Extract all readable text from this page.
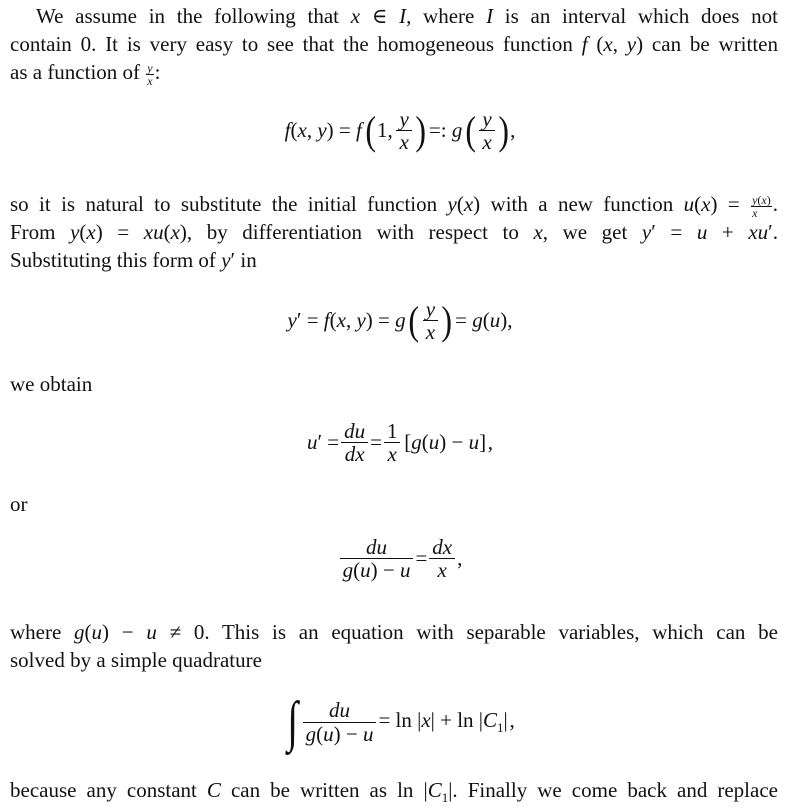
We assume in the following that x ∈ I, where I is an interval which does not
contain 0. It is very easy to see that the homogeneous function f (x, y) can be written
as a function of $\frac{y}{x}$ :
f(x, y) = f (1,  $\frac{y}{x}$ ) =: g ( $\frac{y}{x}$ ),
so it is natural to substitute the initial function y(x) with a new function $u(x) = \frac{y(x)}{x}$ .
From y(x) = xu(x), by differentiation with respect to x, we get y′ = u + xu′.
Substituting this form of y′ in
y′ = f(x, y) = g ( $\frac{y}{x}$ ) = g(u),
we obtain
$u' = \frac{du}{dx} = \frac{1}{x}$  [g(u) − u] ,
or
$\frac{du}{g(u) - u} = \frac{dx}{x}$ ,
where g(u) − u ≠ 0. This is an equation with separable variables, which can be
solved by a simple quadrature
∫ $\frac{du}{g(u) - u} = \ln |x| + \ln |C_1|$ ,
because any constant C can be written as $\ln |C_1|$. Finally we come back and replace
